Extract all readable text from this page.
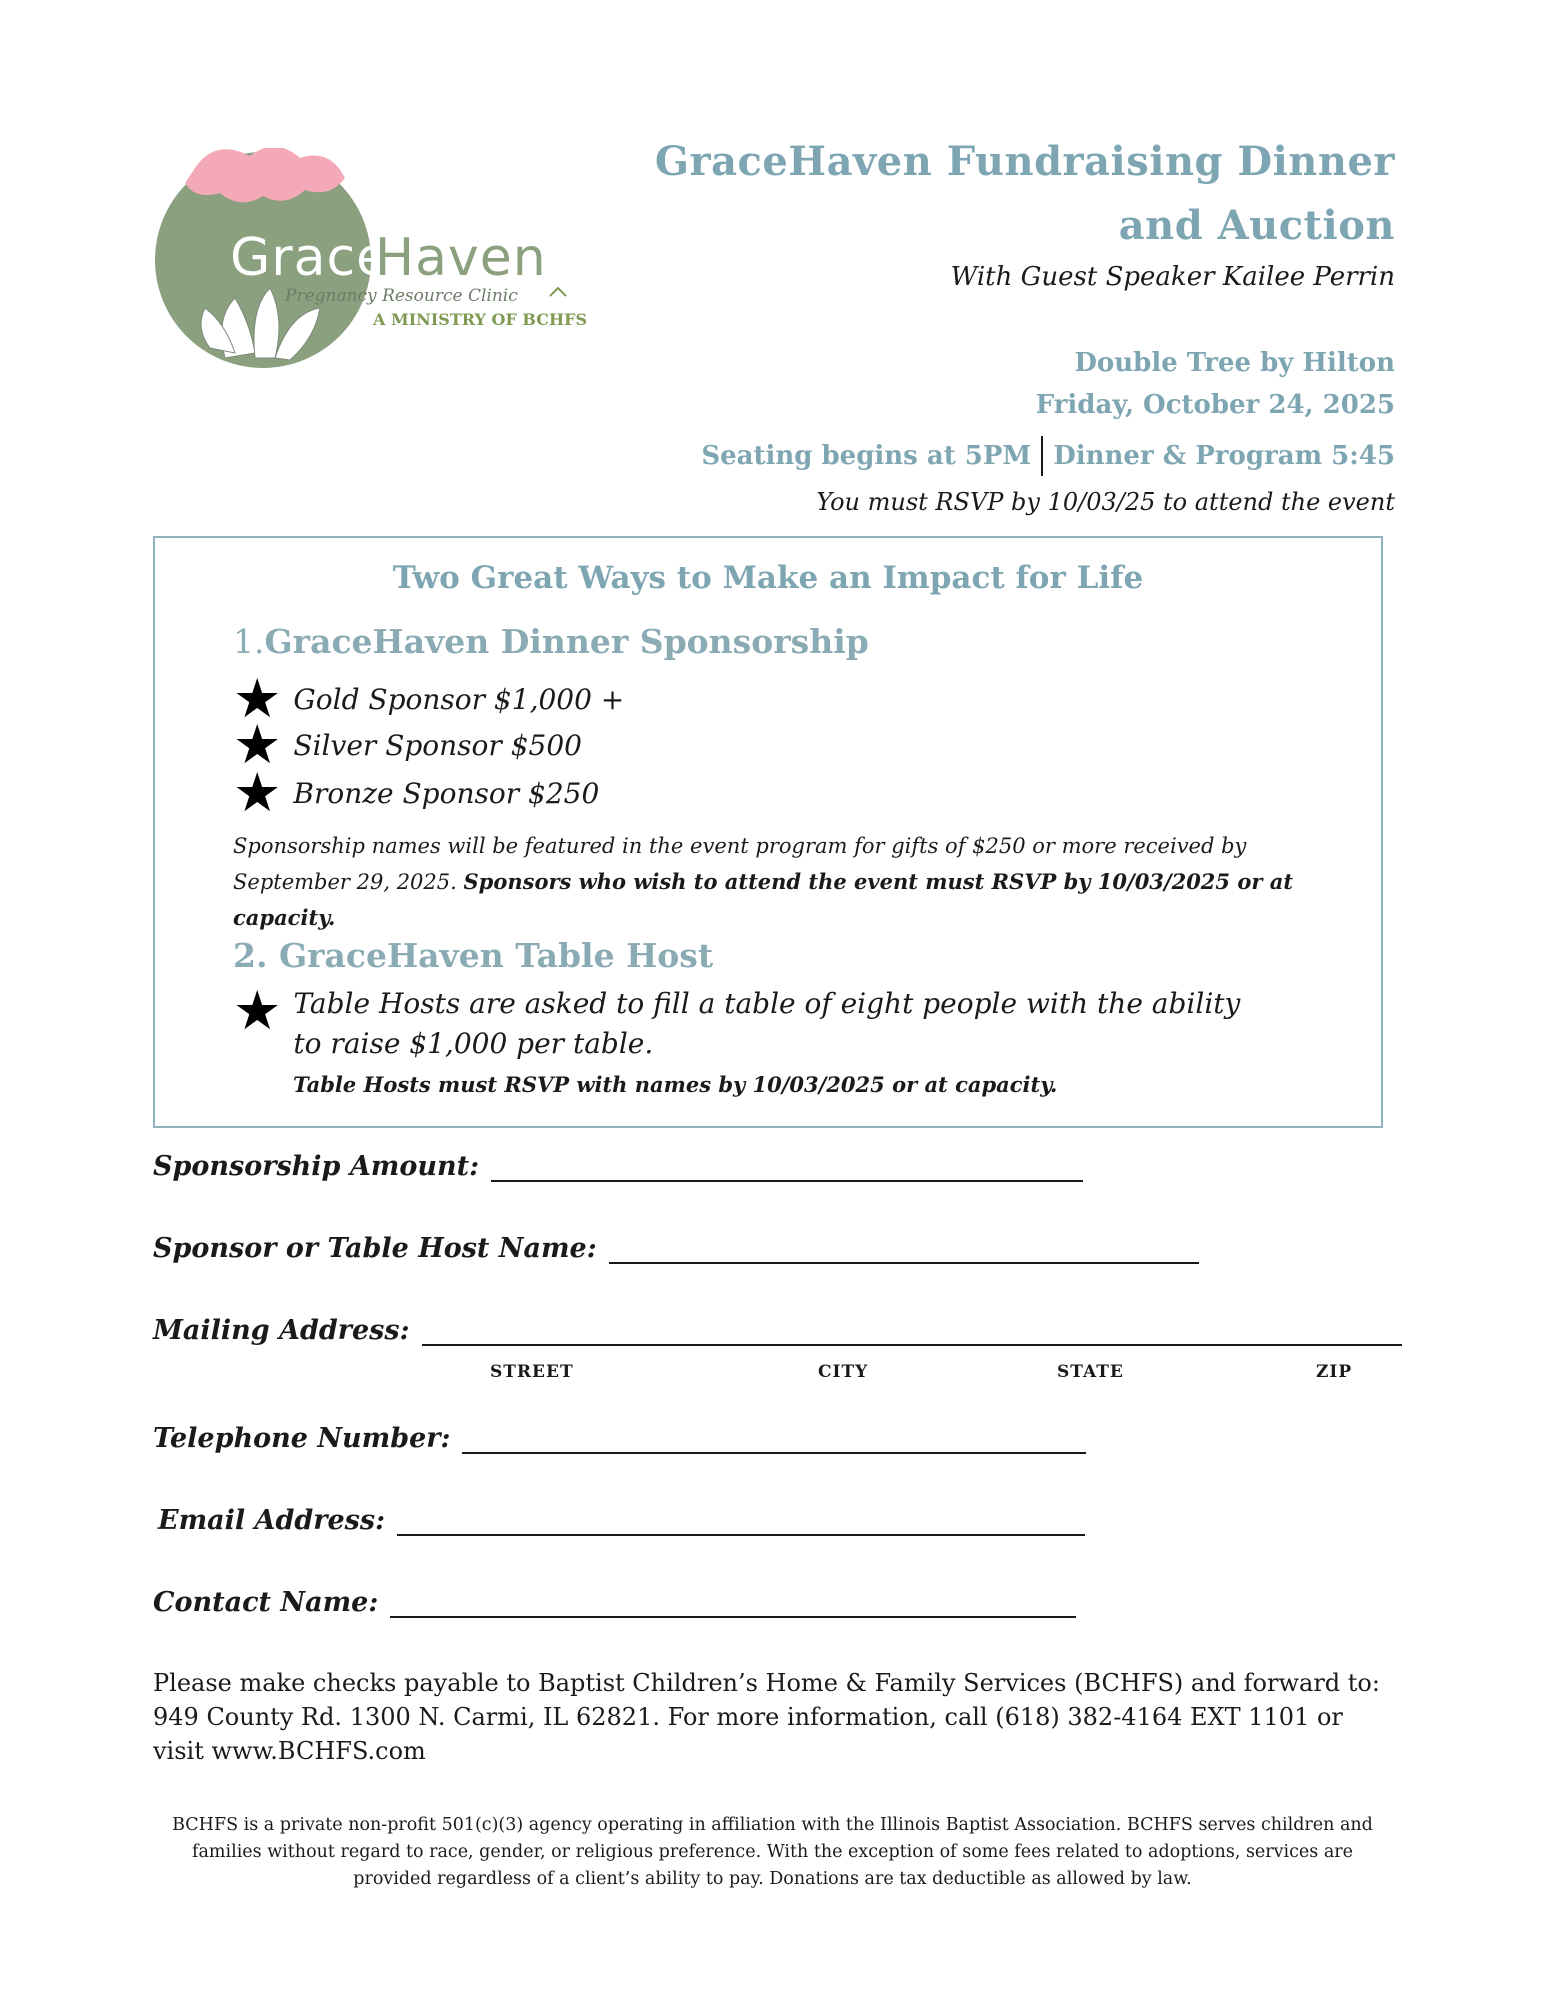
Grace
Haven
Pregnancy Resource Clinic
A MINISTRY OF BCHFS
GraceHaven Fundraising Dinner
and Auction
With Guest Speaker Kailee Perrin
Double Tree by Hilton
Friday, October 24, 2025
Seating begins at 5PM Dinner & Program 5:45
You must RSVP by 10/03/25 to attend the event
Two Great Ways to Make an Impact for Life
1.GraceHaven Dinner Sponsorship
★ Gold Sponsor $1,000 +
★ Silver Sponsor $500
★ Bronze Sponsor $250
Sponsorship names will be featured in the event program for gifts of $250 or more received by September 29, 2025. Sponsors who wish to attend the event must RSVP by 10/03/2025 or at capacity.
2. GraceHaven Table Host
★ Table Hosts are asked to fill a table of eight people with the ability to raise $1,000 per table.
Table Hosts must RSVP with names by 10/03/2025 or at capacity.
Sponsorship Amount:
Sponsor or Table Host Name:
Mailing Address:
STREET	CITY	STATE	ZIP
Telephone Number:
Email Address:
Contact Name:
Please make checks payable to Baptist Children’s Home & Family Services (BCHFS) and forward to: 949 County Rd. 1300 N. Carmi, IL 62821. For more information, call (618) 382-4164 EXT 1101 or visit www.BCHFS.com
BCHFS is a private non-profit 501(c)(3) agency operating in affiliation with the Illinois Baptist Association. BCHFS serves children and families without regard to race, gender, or religious preference. With the exception of some fees related to adoptions, services are provided regardless of a client’s ability to pay. Donations are tax deductible as allowed by law.
